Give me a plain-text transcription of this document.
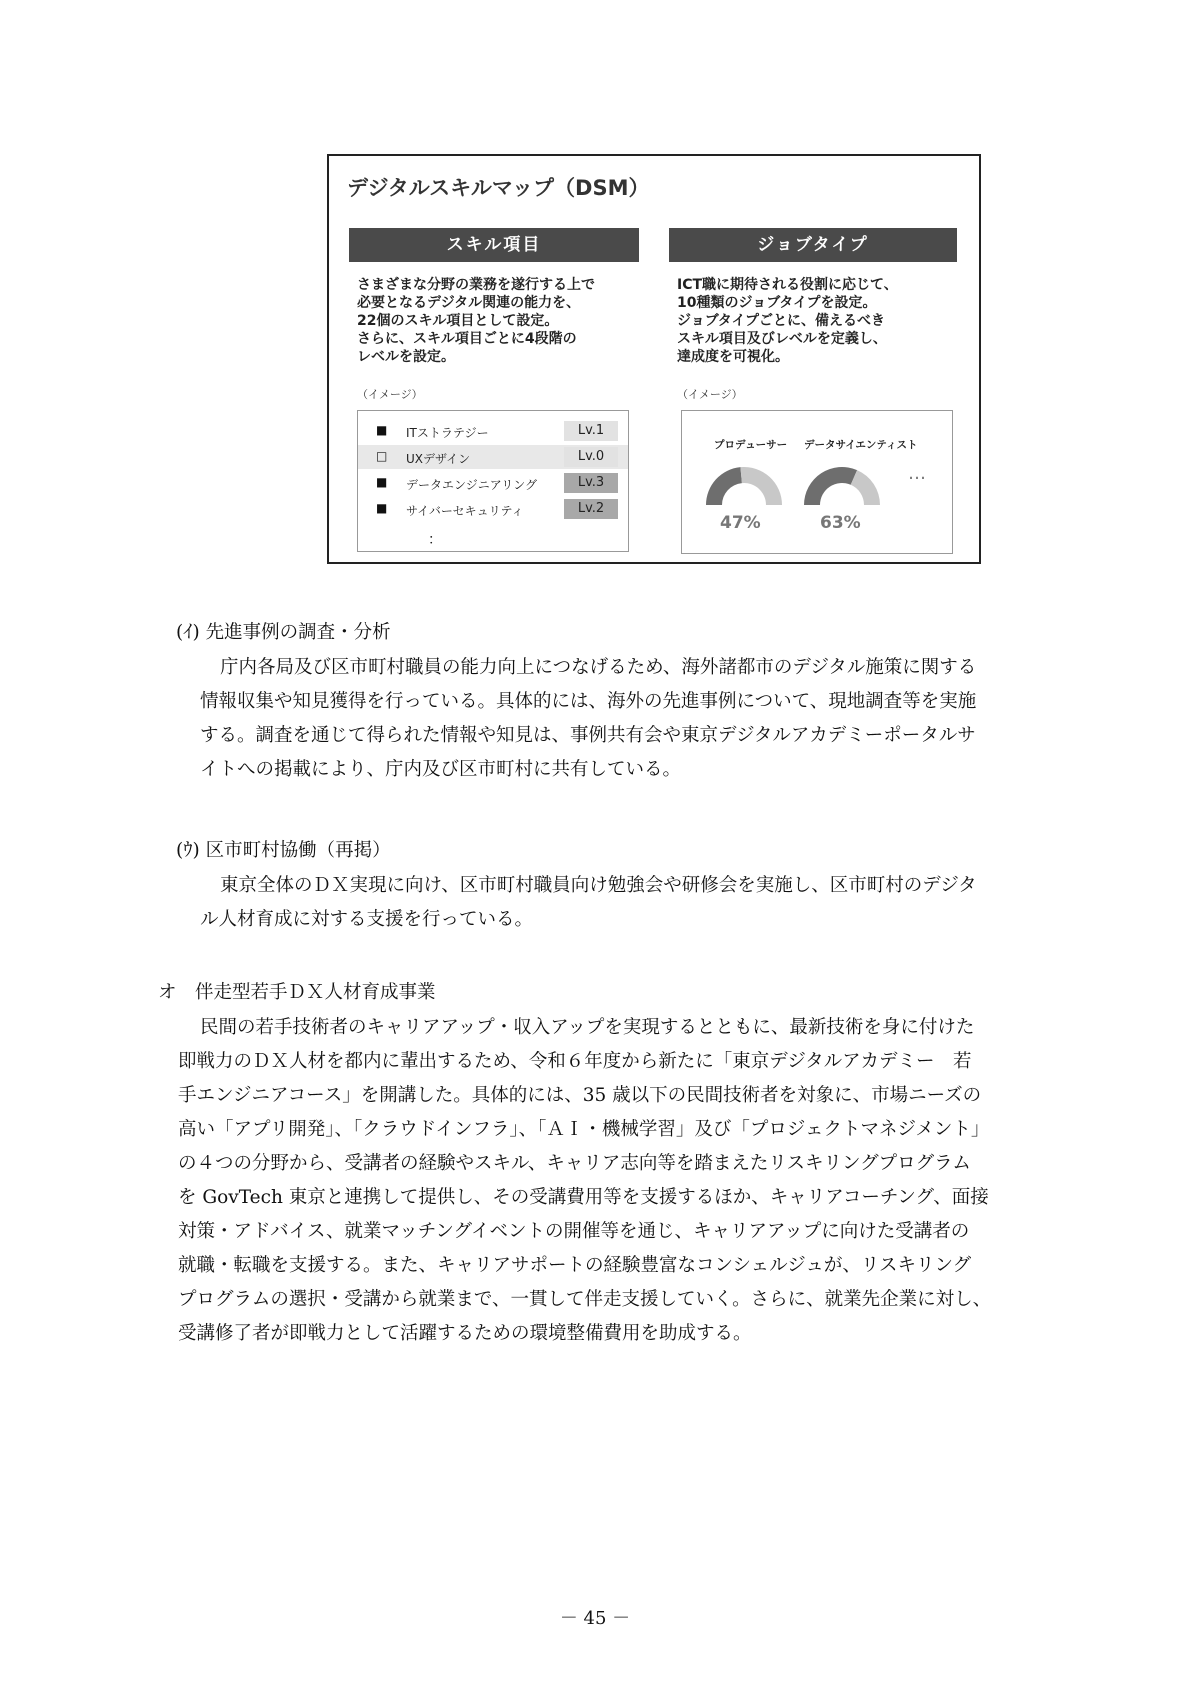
デジタルスキルマップ（DSM）
スキル項目
さまざまな分野の業務を遂行する上で
必要となるデジタル関連の能力を、
22個のスキル項目として設定。
さらに、スキル項目ごとに4段階の
レベルを設定。
ジョブタイプ
ICT職に期待される役割に応じて、
10種類のジョブタイプを設定。
ジョブタイプごとに、備えるべき
スキル項目及びレベルを定義し、
達成度を可視化。
（イメージ）	（イメージ）
■ ITストラテジー	Lv.1
□ UXデザイン	Lv.0
■ データエンジニアリング	Lv.3
■ サイバーセキュリティ	Lv.2
：
プロデューサー データサイエンティスト
47%	63%
…
(ｲ) 先進事例の調査・分析
庁内各局及び区市町村職員の能力向上につなげるため、海外諸都市のデジタル施策に関する
情報収集や知見獲得を行っている。具体的には、海外の先進事例について、現地調査等を実施
する。調査を通じて得られた情報や知見は、事例共有会や東京デジタルアカデミーポータルサ
イトへの掲載により、庁内及び区市町村に共有している。
(ｳ) 区市町村協働（再掲）
東京全体のＤＸ実現に向け、区市町村職員向け勉強会や研修会を実施し、区市町村のデジタ
ル人材育成に対する支援を行っている。
オ　伴走型若手ＤＸ人材育成事業
民間の若手技術者のキャリアアップ・収入アップを実現するとともに、最新技術を身に付けた
即戦力のＤＸ人材を都内に輩出するため、令和６年度から新たに「東京デジタルアカデミー　若
手エンジニアコース」を開講した。具体的には、35 歳以下の民間技術者を対象に、市場ニーズの
高い「アプリ開発」、「クラウドインフラ」、「ＡＩ・機械学習」及び「プロジェクトマネジメント」
の４つの分野から、受講者の経験やスキル、キャリア志向等を踏まえたリスキリングプログラム
を GovTech 東京と連携して提供し、その受講費用等を支援するほか、キャリアコーチング、面接
対策・アドバイス、就業マッチングイベントの開催等を通じ、キャリアアップに向けた受講者の
就職・転職を支援する。また、キャリアサポートの経験豊富なコンシェルジュが、リスキリング
プログラムの選択・受講から就業まで、一貫して伴走支援していく。さらに、就業先企業に対し、
受講修了者が即戦力として活躍するための環境整備費用を助成する。
－ 45 －
